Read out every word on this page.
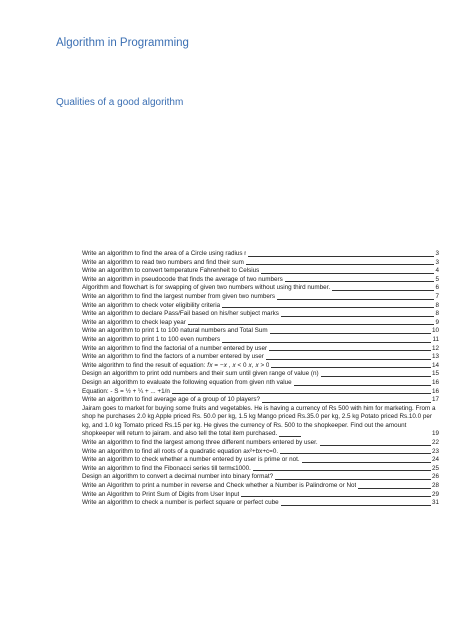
Algorithm in Programming
Qualities of a good algorithm
Write an algorithm to find the area of a Circle using radius r	3
Write an algorithm to read two numbers and find their sum	3
Write an algorithm to convert temperature Fahrenheit to Celsius	4
Write an algorithm in pseudocode that finds the average of two numbers	5
Algorithm and flowchart is for swapping of given two numbers without using third number.	6
Write an algorithm to find the largest number from given two numbers	7
Write an algorithm to check voter eligibility criteria	8
Write an algorithm to declare Pass/Fail based on his/her subject marks	8
Write an algorithm to check leap year	9
Write an algorithm to print 1 to 100 natural numbers and Total Sum	10
Write an algorithm to print 1 to 100 even numbers	11
Write an algorithm to find the factorial of a number entered by user	12
Write an algorithm to find the factors of a number entered by user	13
Write algorithm to find the result of equation: 𝑓𝑥 = −𝑥 , 𝑥 < 0 𝑥, 𝑥 > 0	14
Design an algorithm to print odd numbers and their sum until given range of value (n)	15
Design an algorithm to evaluate the following equation from given nth value	16
Equation: - S = ½ + ¼ + ... +1/n	16
Write an algorithm to find average age of a group of 10 players?	17
Jairam goes to market for buying some fruits and vegetables. He is having a currency of Rs 500 with him for marketing. From a shop he purchases 2.0 kg Apple priced Rs. 50.0 per kg, 1.5 kg Mango priced Rs.35.0 per kg, 2.5 kg Potato priced Rs.10.0 per kg, and 1.0 kg Tomato priced Rs.15 per kg. He gives the currency of Rs. 500 to the shopkeeper. Find out the amount shopkeeper will return to jairam. and also tell the total item purchased.	19
Write an algorithm to find the largest among three different numbers entered by user.	22
Write an algorithm to find all roots of a quadratic equation ax²+bx+c=0.	23
Write an algorithm to check whether a number entered by user is prime or not.	24
Write an algorithm to find the Fibonacci series till term≤1000.	25
Design an algorithm to convert a decimal number into binary format?	26
Write an Algorithm to print a number in reverse and Check whether a Number is Palindrome or Not	28
Write an Algorithm to Print Sum of Digits from User Input	29
Write an algorithm to check a number is perfect square or perfect cube	31
